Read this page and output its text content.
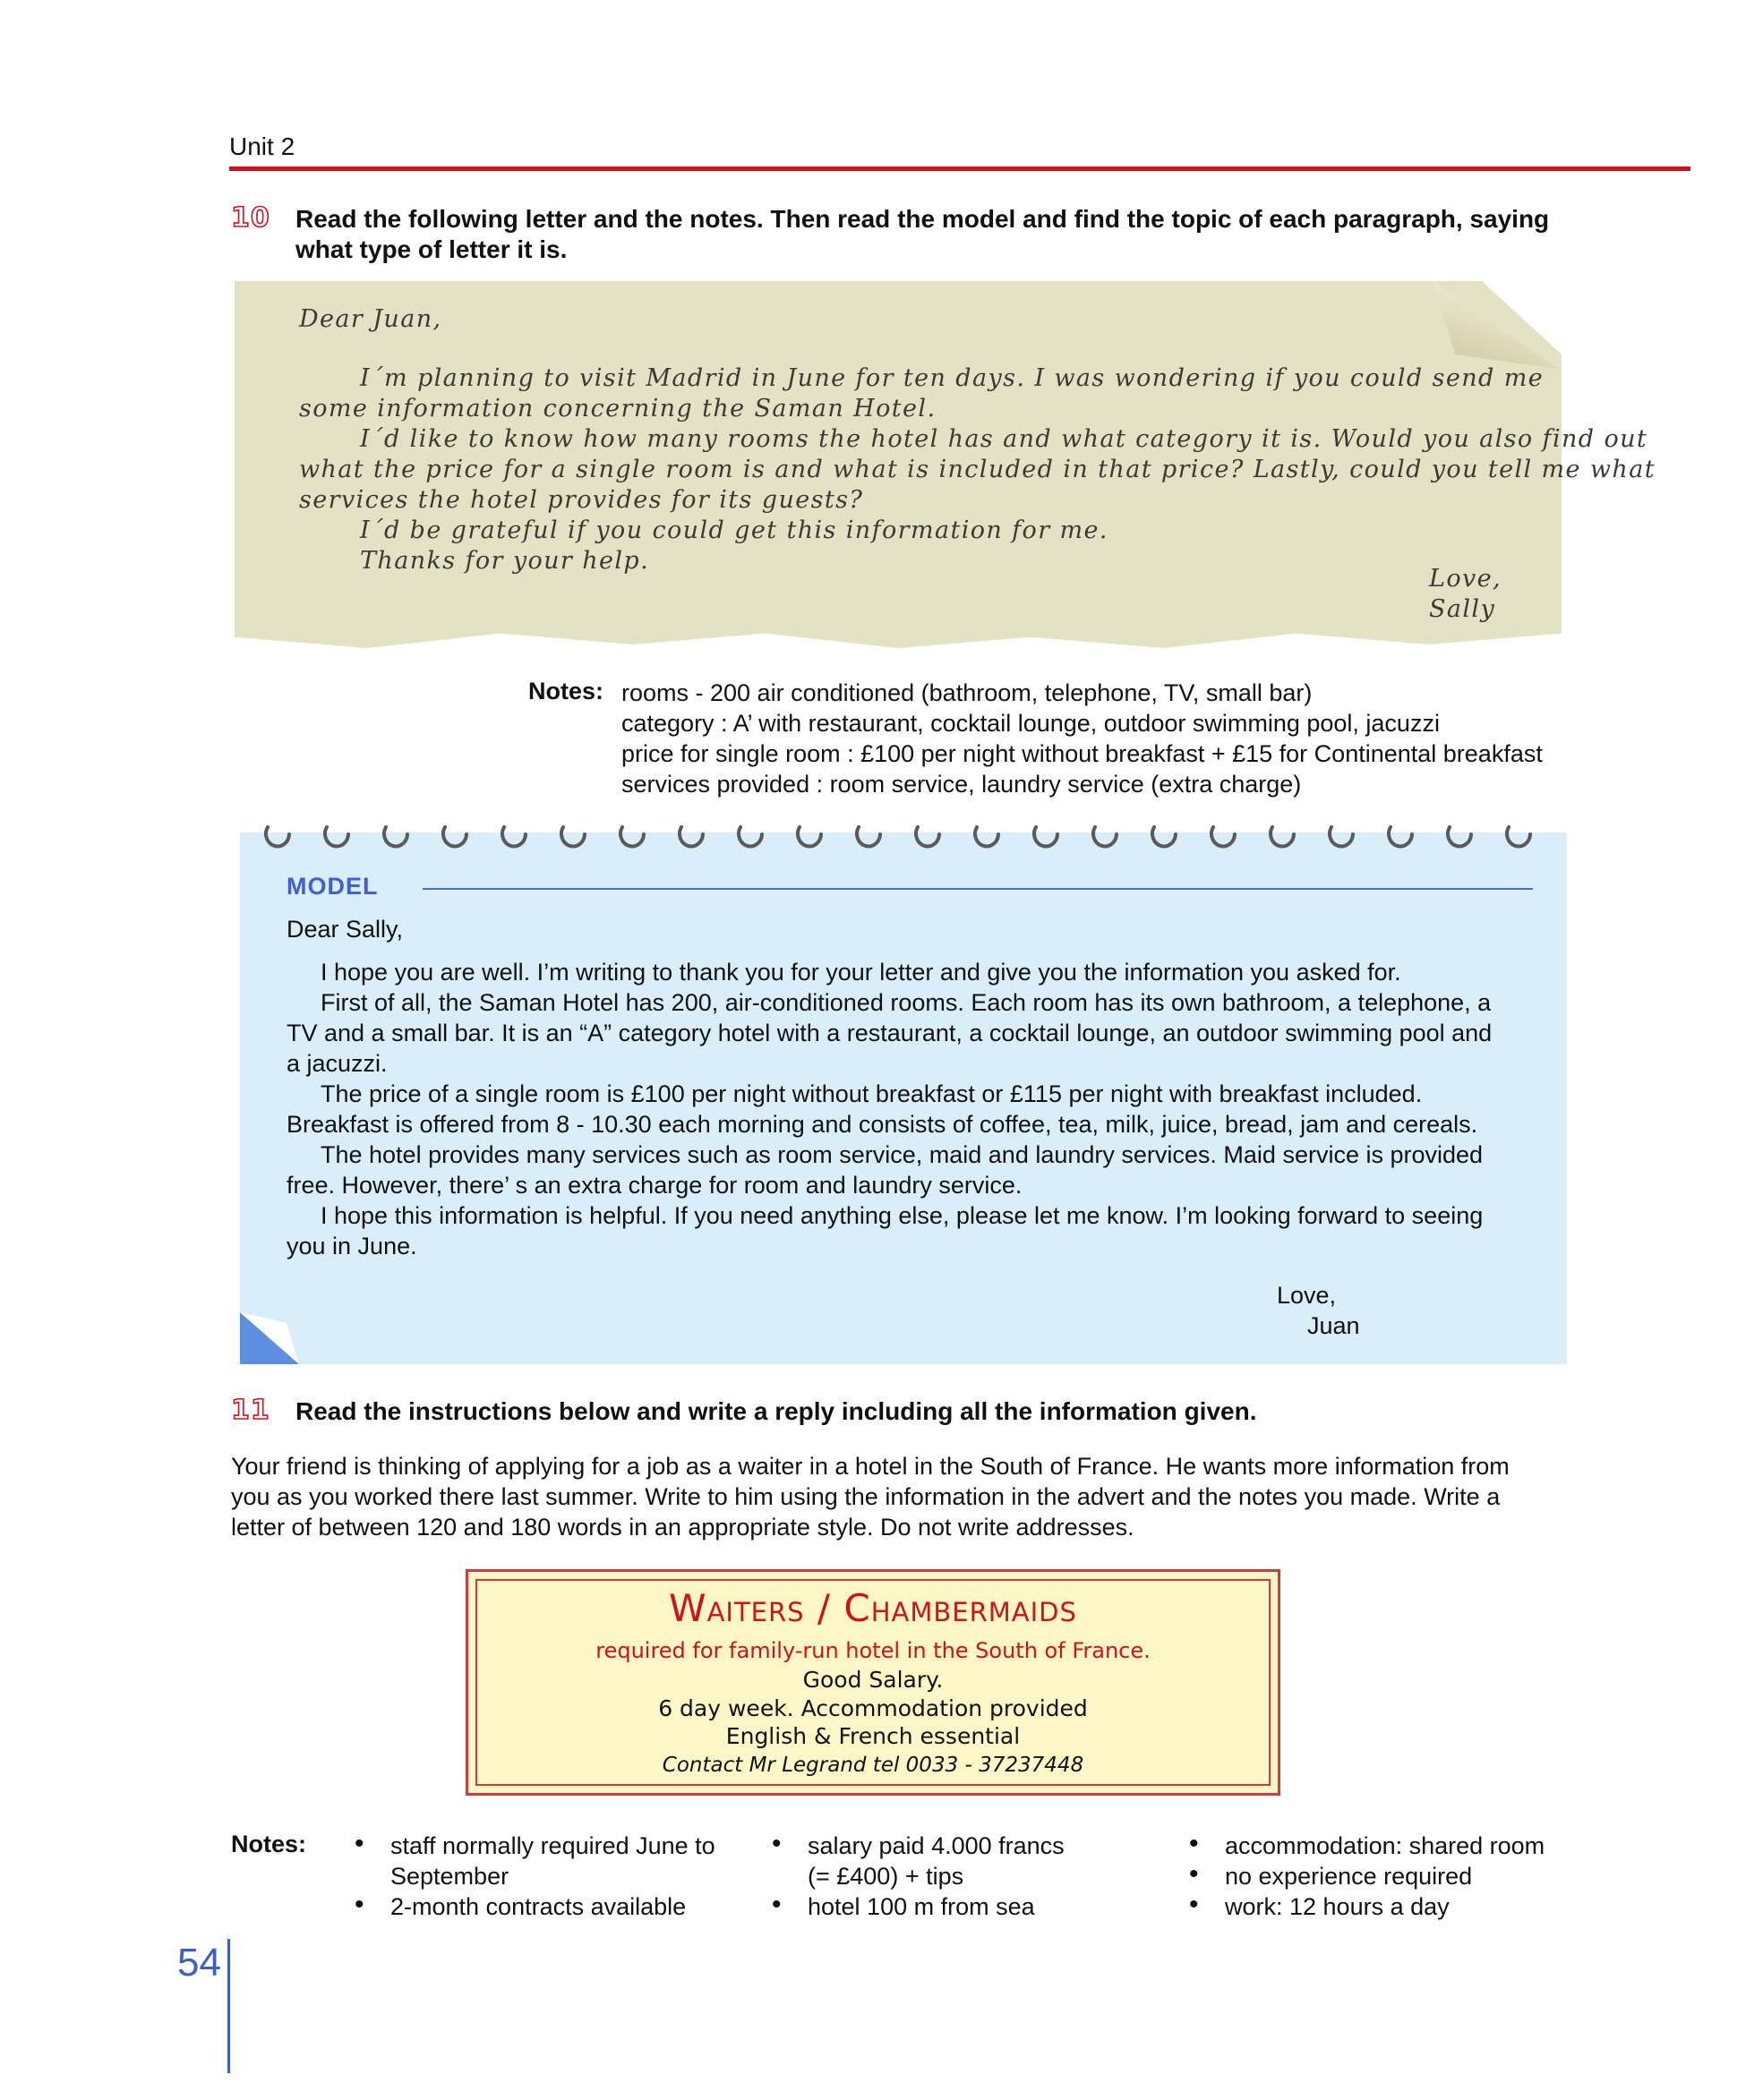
Unit 2
10 Read the following letter and the notes. Then read the model and find the topic of each paragraph, saying
what type of letter it is.
Dear Juan,
I´m planning to visit Madrid in June for ten days. I was wondering if you could send me
some information concerning the Saman Hotel.
I´d like to know how many rooms the hotel has and what category it is. Would you also find out
what the price for a single room is and what is included in that price? Lastly, could you tell me what
services the hotel provides for its guests?
I´d be grateful if you could get this information for me.
Thanks for your help.
Love,
Sally
Notes: rooms - 200 air conditioned (bathroom, telephone, TV, small bar)
category : A’ with restaurant, cocktail lounge, outdoor swimming pool, jacuzzi
price for single room : £100 per night without breakfast + £15 for Continental breakfast
services provided : room service, laundry service (extra charge)
MODEL
Dear Sally,
I hope you are well. I’m writing to thank you for your letter and give you the information you asked for.
First of all, the Saman Hotel has 200, air-conditioned rooms. Each room has its own bathroom, a telephone, a
TV and a small bar. It is an “A” category hotel with a restaurant, a cocktail lounge, an outdoor swimming pool and
a jacuzzi.
The price of a single room is £100 per night without breakfast or £115 per night with breakfast included.
Breakfast is offered from 8 - 10.30 each morning and consists of coffee, tea, milk, juice, bread, jam and cereals.
The hotel provides many services such as room service, maid and laundry services. Maid service is provided
free. However, there’ s an extra charge for room and laundry service.
I hope this information is helpful. If you need anything else, please let me know. I’m looking forward to seeing
you in June.
Love,
Juan
11 Read the instructions below and write a reply including all the information given.
Your friend is thinking of applying for a job as a waiter in a hotel in the South of France. He wants more information from
you as you worked there last summer. Write to him using the information in the advert and the notes you made. Write a
letter of between 120 and 180 words in an appropriate style. Do not write addresses.
Waiters / Chambermaids
required for family-run hotel in the South of France.
Good Salary.
6 day week. Accommodation provided
English & French essential
Contact Mr Legrand tel 0033 - 37237448
Notes: • staff normally required June to
September
• 2-month contracts available
• salary paid 4.000 francs
(= £400) + tips
• hotel 100 m from sea
• accommodation: shared room
• no experience required
• work: 12 hours a day
54
